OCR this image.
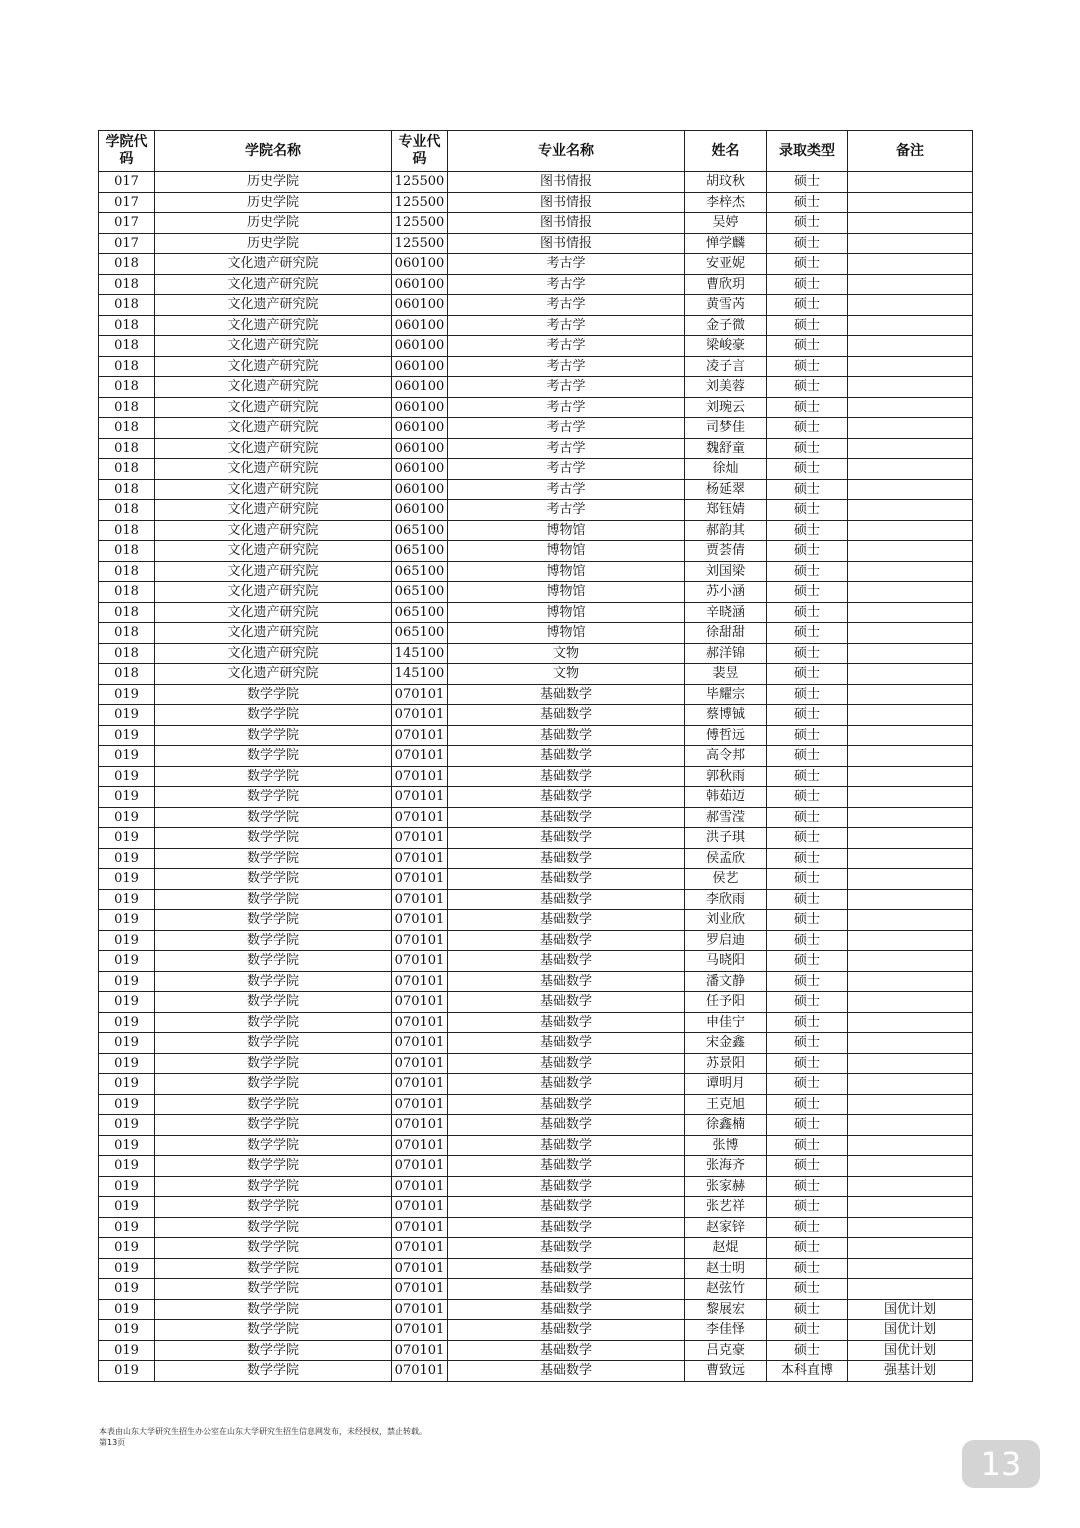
学院代码	学院名称	专业代码	专业名称	姓名	录取类型	备注
017	历史学院	125500	图书情报	胡玟秋	硕士	
017	历史学院	125500	图书情报	李梓杰	硕士	
017	历史学院	125500	图书情报	吴婷	硕士	
017	历史学院	125500	图书情报	惮学麟	硕士	
018	文化遗产研究院	060100	考古学	安亚妮	硕士	
018	文化遗产研究院	060100	考古学	曹欣玥	硕士	
018	文化遗产研究院	060100	考古学	黄雪芮	硕士	
018	文化遗产研究院	060100	考古学	金子微	硕士	
018	文化遗产研究院	060100	考古学	梁峻豪	硕士	
018	文化遗产研究院	060100	考古学	凌子言	硕士	
018	文化遗产研究院	060100	考古学	刘美蓉	硕士	
018	文化遗产研究院	060100	考古学	刘琬云	硕士	
018	文化遗产研究院	060100	考古学	司梦佳	硕士	
018	文化遗产研究院	060100	考古学	魏舒童	硕士	
018	文化遗产研究院	060100	考古学	徐灿	硕士	
018	文化遗产研究院	060100	考古学	杨延翠	硕士	
018	文化遗产研究院	060100	考古学	郑钰婧	硕士	
018	文化遗产研究院	065100	博物馆	郝韵其	硕士	
018	文化遗产研究院	065100	博物馆	贾荟倩	硕士	
018	文化遗产研究院	065100	博物馆	刘国梁	硕士	
018	文化遗产研究院	065100	博物馆	苏小涵	硕士	
018	文化遗产研究院	065100	博物馆	辛晓涵	硕士	
018	文化遗产研究院	065100	博物馆	徐甜甜	硕士	
018	文化遗产研究院	145100	文物	郝洋锦	硕士	
018	文化遗产研究院	145100	文物	裴昱	硕士	
019	数学学院	070101	基础数学	毕耀宗	硕士	
019	数学学院	070101	基础数学	蔡博铖	硕士	
019	数学学院	070101	基础数学	傅哲远	硕士	
019	数学学院	070101	基础数学	高令邦	硕士	
019	数学学院	070101	基础数学	郭秋雨	硕士	
019	数学学院	070101	基础数学	韩茹迈	硕士	
019	数学学院	070101	基础数学	郝雪滢	硕士	
019	数学学院	070101	基础数学	洪子琪	硕士	
019	数学学院	070101	基础数学	侯孟欣	硕士	
019	数学学院	070101	基础数学	侯艺	硕士	
019	数学学院	070101	基础数学	李欣雨	硕士	
019	数学学院	070101	基础数学	刘业欣	硕士	
019	数学学院	070101	基础数学	罗启迪	硕士	
019	数学学院	070101	基础数学	马晓阳	硕士	
019	数学学院	070101	基础数学	潘文静	硕士	
019	数学学院	070101	基础数学	任予阳	硕士	
019	数学学院	070101	基础数学	申佳宁	硕士	
019	数学学院	070101	基础数学	宋金鑫	硕士	
019	数学学院	070101	基础数学	苏景阳	硕士	
019	数学学院	070101	基础数学	谭明月	硕士	
019	数学学院	070101	基础数学	王克旭	硕士	
019	数学学院	070101	基础数学	徐鑫楠	硕士	
019	数学学院	070101	基础数学	张博	硕士	
019	数学学院	070101	基础数学	张海齐	硕士	
019	数学学院	070101	基础数学	张家赫	硕士	
019	数学学院	070101	基础数学	张艺祥	硕士	
019	数学学院	070101	基础数学	赵家锌	硕士	
019	数学学院	070101	基础数学	赵焜	硕士	
019	数学学院	070101	基础数学	赵士明	硕士	
019	数学学院	070101	基础数学	赵弦竹	硕士	
019	数学学院	070101	基础数学	黎展宏	硕士	国优计划
019	数学学院	070101	基础数学	李佳怿	硕士	国优计划
019	数学学院	070101	基础数学	吕克豪	硕士	国优计划
019	数学学院	070101	基础数学	曹致远	本科直博	强基计划
本表由山东大学研究生招生办公室在山东大学研究生招生信息网发布，未经授权，禁止转载。
第13页
13
